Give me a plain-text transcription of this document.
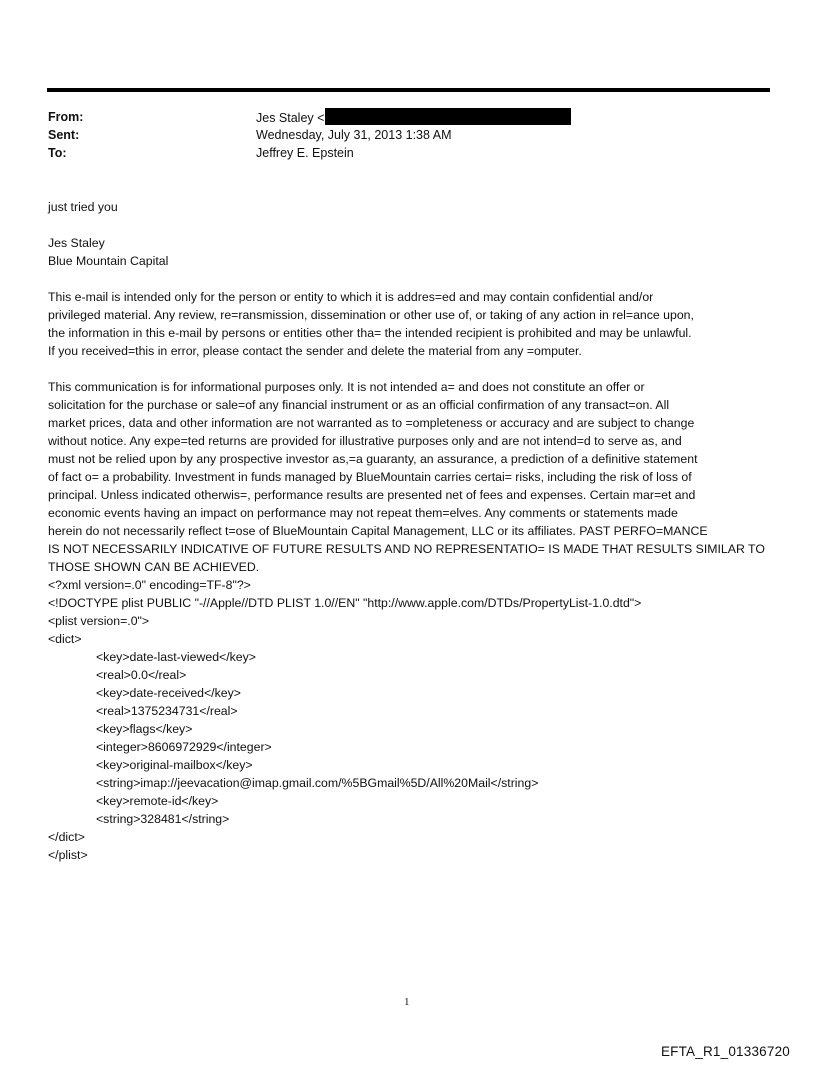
From:	Jes Staley <
Sent:	Wednesday, July 31, 2013 1:38 AM
To:	Jeffrey E. Epstein
just tried you
Jes Staley
Blue Mountain Capital
This e-mail is intended only for the person or entity to which it is addres=ed and may contain confidential and/or
privileged material. Any review, re=ransmission, dissemination or other use of, or taking of any action in rel=ance upon,
the information in this e-mail by persons or entities other tha= the intended recipient is prohibited and may be unlawful.
If you received=this in error, please contact the sender and delete the material from any =omputer.
This communication is for informational purposes only. It is not intended a= and does not constitute an offer or
solicitation for the purchase or sale=of any financial instrument or as an official confirmation of any transact=on. All
market prices, data and other information are not warranted as to =ompleteness or accuracy and are subject to change
without notice. Any expe=ted returns are provided for illustrative purposes only and are not intend=d to serve as, and
must not be relied upon by any prospective investor as,=a guaranty, an assurance, a prediction of a definitive statement
of fact o= a probability. Investment in funds managed by BlueMountain carries certai= risks, including the risk of loss of
principal. Unless indicated otherwis=, performance results are presented net of fees and expenses. Certain mar=et and
economic events having an impact on performance may not repeat them=elves. Any comments or statements made
herein do not necessarily reflect t=ose of BlueMountain Capital Management, LLC or its affiliates. PAST PERFO=MANCE
IS NOT NECESSARILY INDICATIVE OF FUTURE RESULTS AND NO REPRESENTATIO= IS MADE THAT RESULTS SIMILAR TO
THOSE SHOWN CAN BE ACHIEVED.
<?xml version=.0" encoding=TF-8"?>
<!DOCTYPE plist PUBLIC "-//Apple//DTD PLIST 1.0//EN" "http://www.apple.com/DTDs/PropertyList-1.0.dtd">
<plist version=.0">
<dict>
<key>date-last-viewed</key>
<real>0.0</real>
<key>date-received</key>
<real>1375234731</real>
<key>flags</key>
<integer>8606972929</integer>
<key>original-mailbox</key>
<string>imap://jeevacation@imap.gmail.com/%5BGmail%5D/All%20Mail</string>
<key>remote-id</key>
<string>328481</string>
</dict>
</plist>
1
EFTA_R1_01336720
